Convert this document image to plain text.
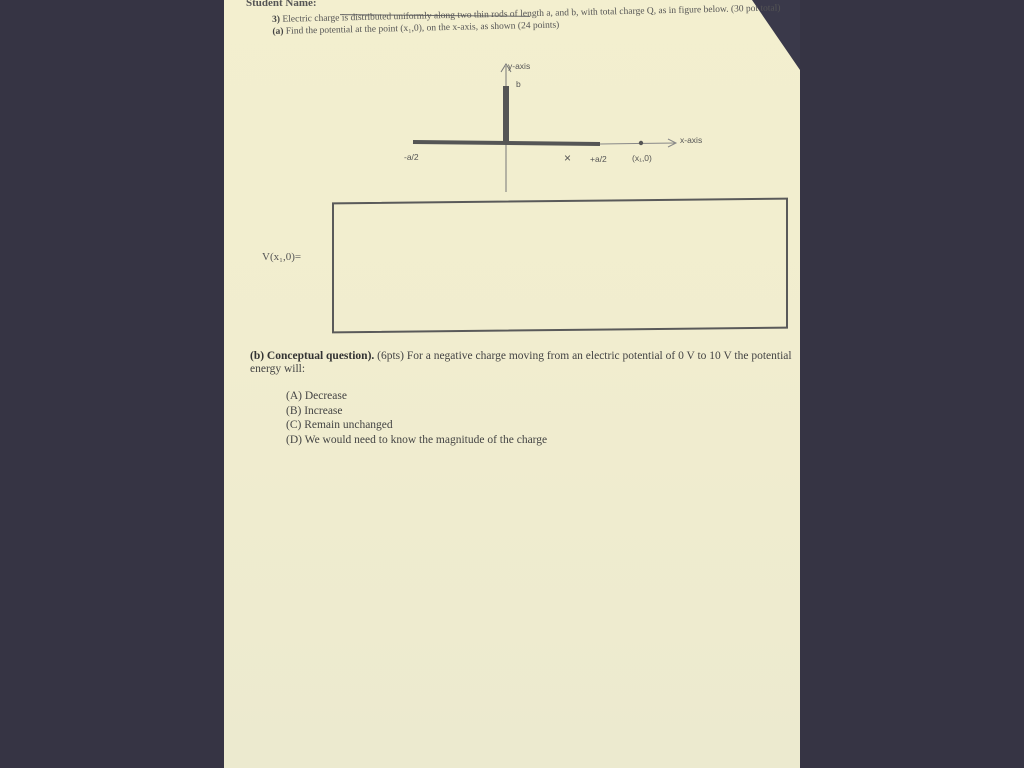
Student Name:
3) Electric charge is distributed uniformly along two thin rods of length a, and b, with total charge Q, as in figure below. (30 pot total) (a) Find the potential at the point (x₁,0), on the x-axis, as shown (24 points)
y-axis
b
x-axis
-a/2	× +a/2	(x₁,0)
V(x₁,0)=
(b) Conceptual question). (6pts) For a negative charge moving from an electric potential of 0 V to 10 V the potential energy will:
(A) Decrease
(B) Increase
(C) Remain unchanged
(D) We would need to know the magnitude of the charge
